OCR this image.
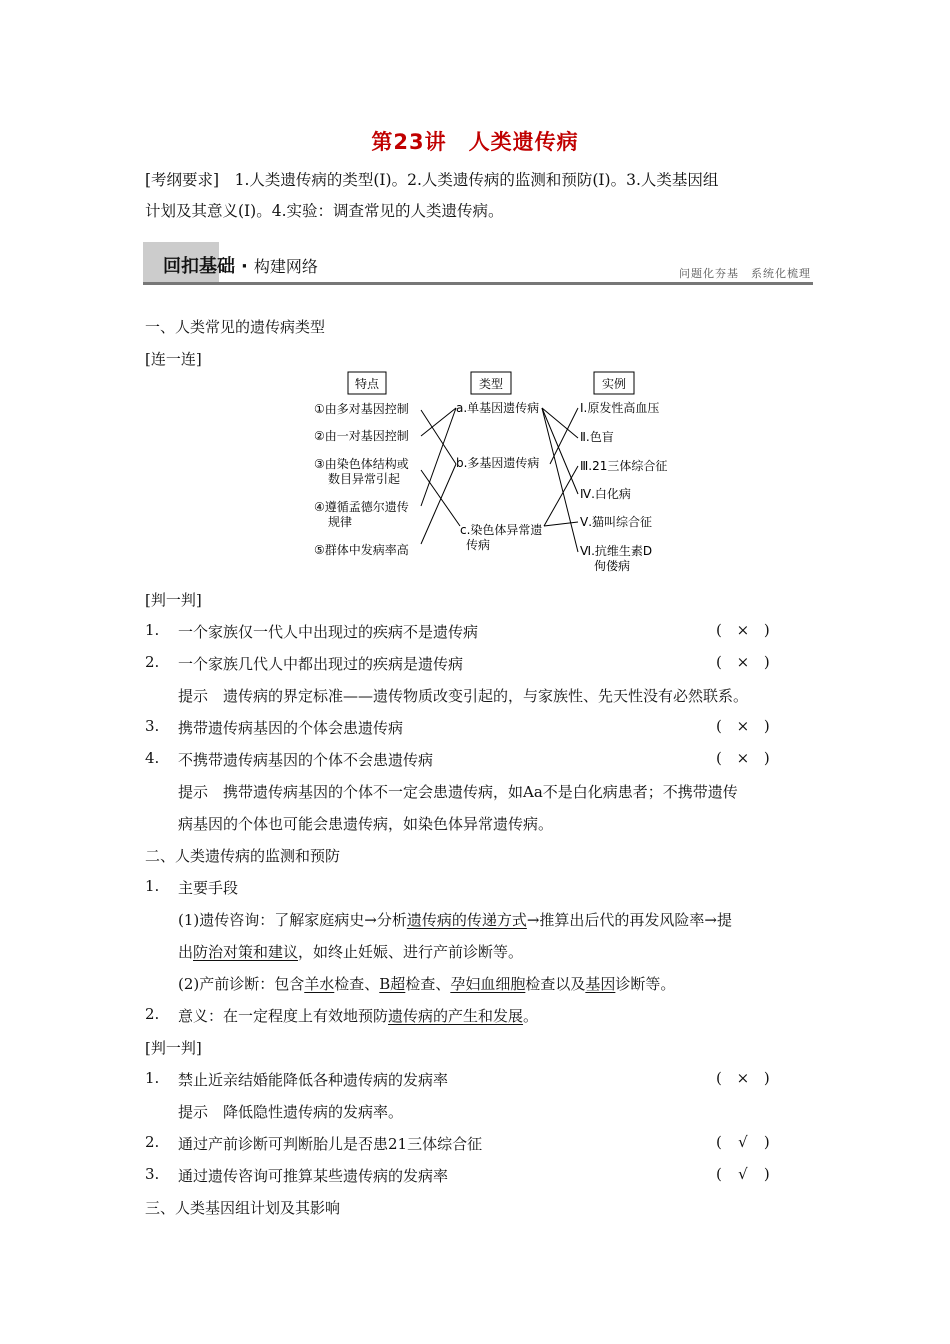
第23讲　人类遗传病
[考纲要求]　1.人类遗传病的类型(Ⅰ)。2.人类遗传病的监测和预防(Ⅰ)。3.人类基因组
计划及其意义(Ⅰ)。4.实验：调查常见的人类遗传病。
回扣基础 · 构建网络	问题化夯基　系统化梳理
一、人类常见的遗传病类型
[连一连]
特点	类型	实例
①由多对基因控制
②由一对基因控制
③由染色体结构或
数目异常引起
④遵循孟德尔遗传
规律
⑤群体中发病率高
a.单基因遗传病
b.多基因遗传病
c.染色体异常遗
传病
Ⅰ.原发性高血压
Ⅱ.色盲
Ⅲ.21三体综合征
Ⅳ.白化病
Ⅴ.猫叫综合征
Ⅵ.抗维生素D
佝偻病
[判一判]
1. 一个家族仅一代人中出现过的疾病不是遗传病	( × )
2. 一个家族几代人中都出现过的疾病是遗传病	( × )
提示　遗传病的界定标准——遗传物质改变引起的，与家族性、先天性没有必然联系。
3. 携带遗传病基因的个体会患遗传病	( × )
4. 不携带遗传病基因的个体不会患遗传病	( × )
提示　携带遗传病基因的个体不一定会患遗传病，如Aa不是白化病患者；不携带遗传
病基因的个体也可能会患遗传病，如染色体异常遗传病。
二、人类遗传病的监测和预防
1. 主要手段
(1)遗传咨询：了解家庭病史→分析遗传病的传递方式→推算出后代的再发风险率→提
出防治对策和建议，如终止妊娠、进行产前诊断等。
(2)产前诊断：包含羊水检查、B超检查、孕妇血细胞检查以及基因诊断等。
2. 意义：在一定程度上有效地预防遗传病的产生和发展。
[判一判]
1. 禁止近亲结婚能降低各种遗传病的发病率	( × )
提示　降低隐性遗传病的发病率。
2. 通过产前诊断可判断胎儿是否患21三体综合征	( √ )
3. 通过遗传咨询可推算某些遗传病的发病率	( √ )
三、人类基因组计划及其影响
